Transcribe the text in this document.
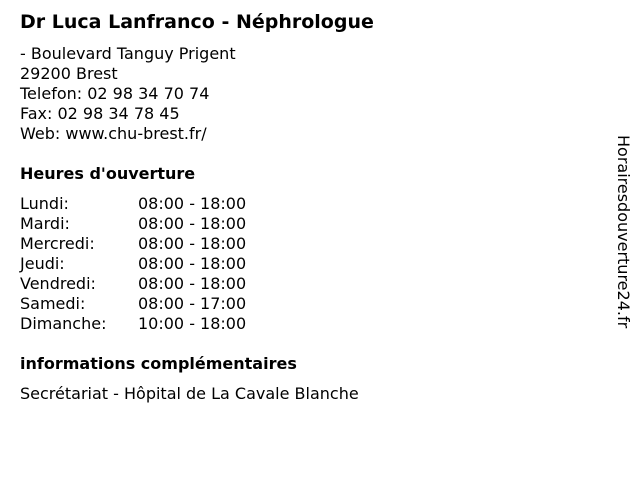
Dr Luca Lanfranco - Néphrologue
- Boulevard Tanguy Prigent
29200 Brest
Telefon: 02 98 34 70 74
Fax: 02 98 34 78 45
Web: www.chu-brest.fr/
Heures d'ouverture
Lundi:	08:00 - 18:00
Mardi:	08:00 - 18:00
Mercredi:	08:00 - 18:00
Jeudi:	08:00 - 18:00
Vendredi:	08:00 - 18:00
Samedi:	08:00 - 17:00
Dimanche: 10:00 - 18:00
informations complémentaires
Secrétariat - Hôpital de La Cavale Blanche
Horairesdouverture24.fr
